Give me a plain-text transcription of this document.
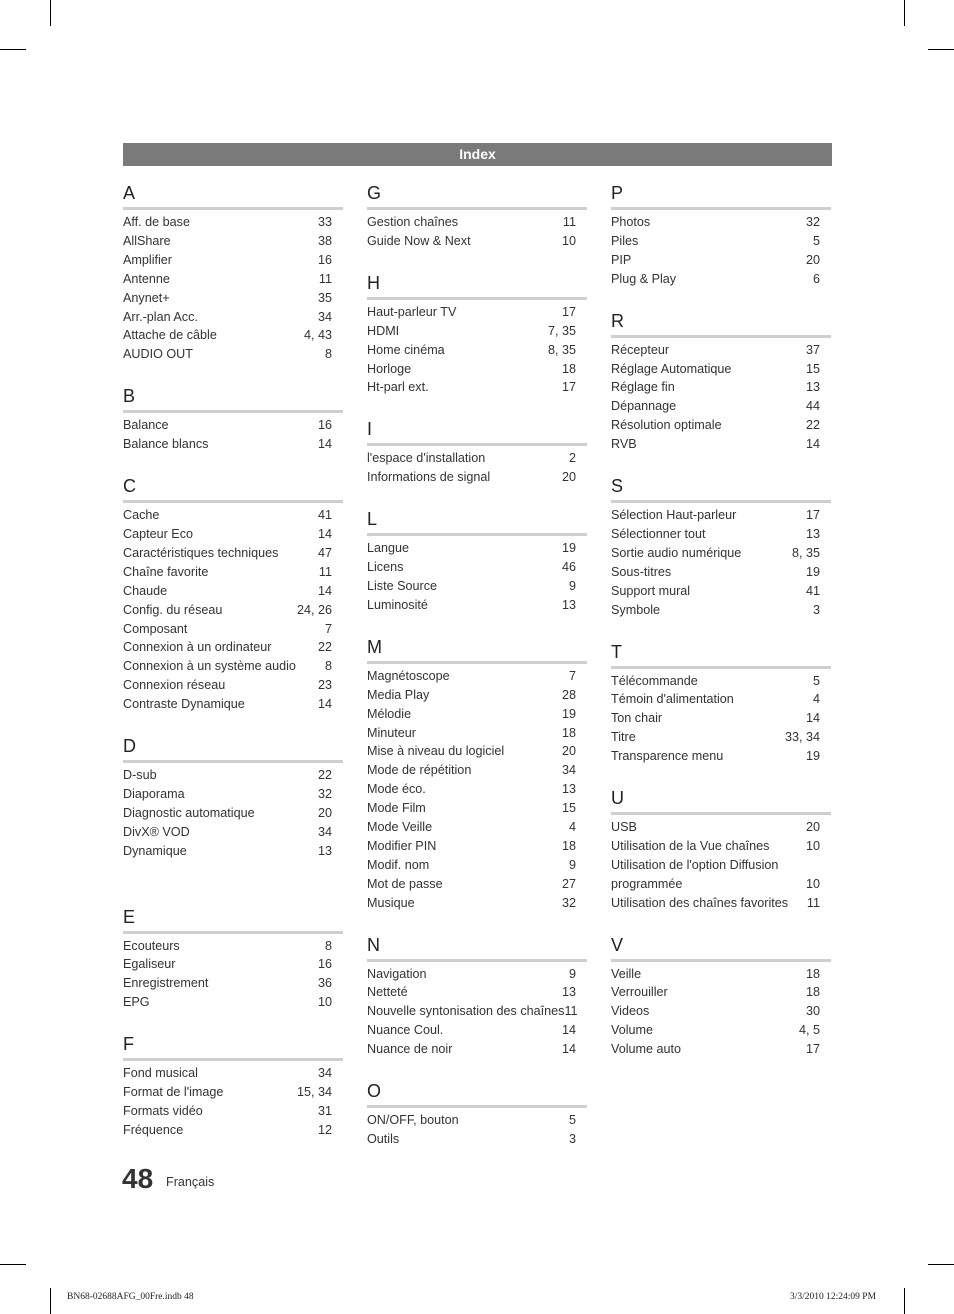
Index
A
Aff. de base	33
AllShare	38
Amplifier	16
Antenne	11
Anynet+	35
Arr.-plan Acc.	34
Attache de câble	4, 43
AUDIO OUT	8
B
Balance	16
Balance blancs	14
C
Cache	41
Capteur Eco	14
Caractéristiques techniques	47
Chaîne favorite	11
Chaude	14
Config. du réseau	24, 26
Composant	7
Connexion à un ordinateur	22
Connexion à un système audio 8
Connexion réseau	23
Contraste Dynamique	14
D
D-sub	22
Diaporama	32
Diagnostic automatique	20
DivX® VOD	34
Dynamique	13
E
Ecouteurs	8
Egaliseur	16
Enregistrement	36
EPG	10
F
Fond musical	34
Format de l'image	15, 34
Formats vidéo	31
Fréquence	12
G
Gestion chaînes	11
Guide Now & Next	10
H
Haut-parleur TV	17
HDMI	7, 35
Home cinéma	8, 35
Horloge	18
Ht-parl ext.	17
I
l'espace d'installation	2
Informations de signal	20
L
Langue	19
Licens	46
Liste Source	9
Luminosité	13
M
Magnétoscope	7
Media Play	28
Mélodie	19
Minuteur	18
Mise à niveau du logiciel	20
Mode de répétition	34
Mode éco.	13
Mode Film	15
Mode Veille	4
Modifier PIN	18
Modif. nom	9
Mot de passe	27
Musique	32
N
Navigation	9
Netteté	13
Nouvelle syntonisation des chaînes 11
Nuance Coul.	14
Nuance de noir	14
O
ON/OFF, bouton	5
Outils	3
P
Photos	32
Piles	5
PIP	20
Plug & Play	6
R
Récepteur	37
Réglage Automatique	15
Réglage fin	13
Dépannage	44
Résolution optimale	22
RVB	14
S
Sélection Haut-parleur	17
Sélectionner tout	13
Sortie audio numérique	8, 35
Sous-titres	19
Support mural	41
Symbole	3
T
Télécommande	5
Témoin d'alimentation	4
Ton chair	14
Titre	33, 34
Transparence menu	19
U
USB	20
Utilisation de la Vue chaînes	10
Utilisation de l'option Diffusion
programmée	10
Utilisation des chaînes favorites 11
V
Veille	18
Verrouiller	18
Videos	30
Volume	4, 5
Volume auto	17
48 Français
BN68-02688AFG_00Fre.indb 48	3/3/2010 12:24:09 PM
